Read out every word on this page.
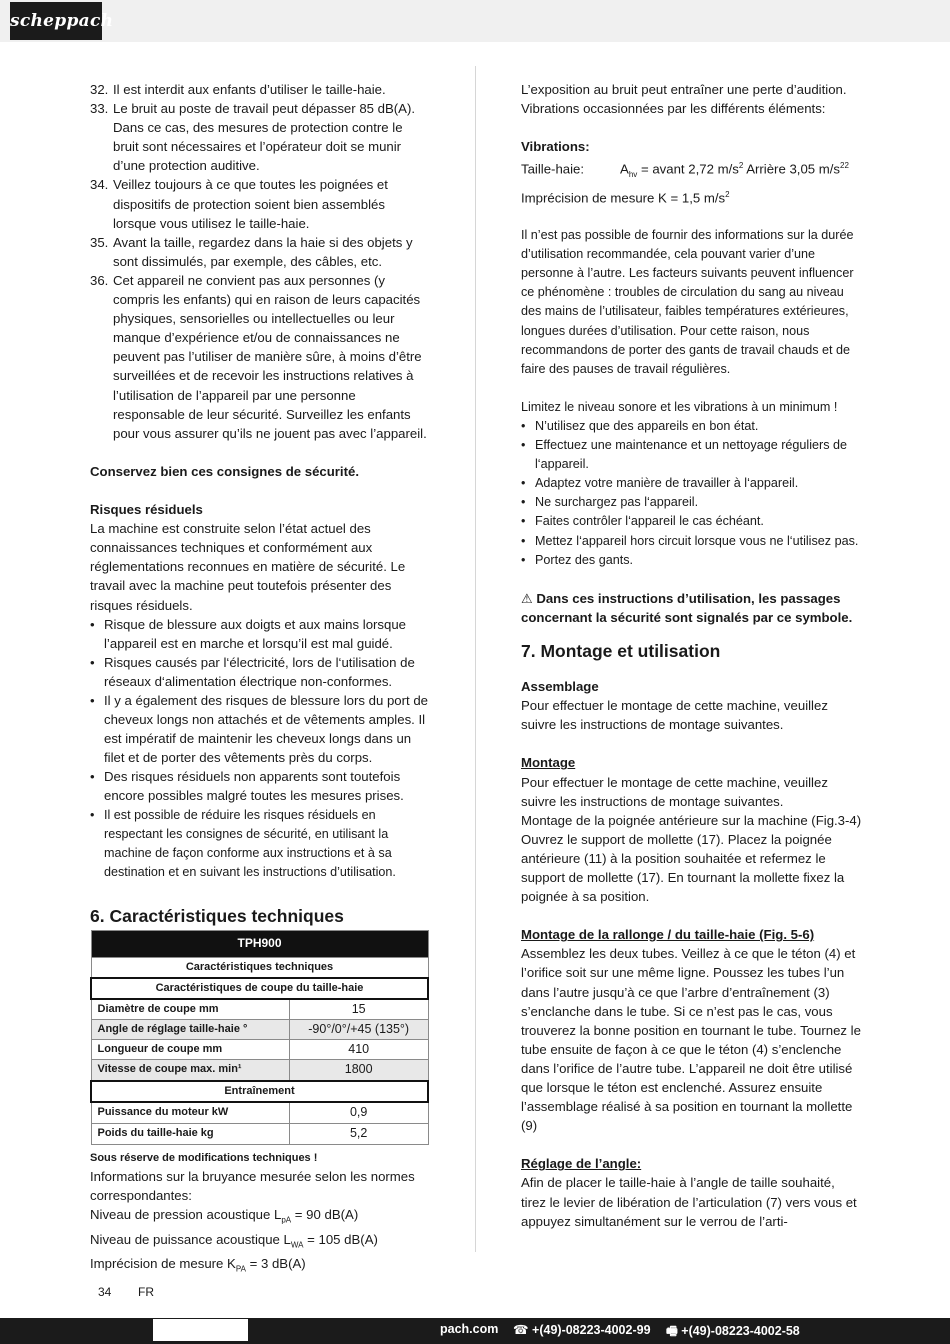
scheppach
32. Il est interdit aux enfants d’utiliser le taille-haie.
33. Le bruit au poste de travail peut dépasser 85 dB(A). Dans ce cas, des mesures de protection contre le bruit sont nécessaires et l’opérateur doit se munir d’une protection auditive.
34. Veillez toujours à ce que toutes les poignées et dispositifs de protection soient bien assemblés lorsque vous utilisez le taille-haie.
35. Avant la taille, regardez dans la haie si des objets y sont dissimulés, par exemple, des câbles, etc.
36. Cet appareil ne convient pas aux personnes (y compris les enfants) qui en raison de leurs capacités physiques, sensorielles ou intellectuelles ou leur manque d’expérience et/ou de connaissances ne peuvent pas l’utiliser de manière sûre, à moins d’être surveillées et de recevoir les instructions relatives à l’utilisation de l’appareil par une personne responsable de leur sécurité. Surveillez les enfants pour vous assurer qu’ils ne jouent pas avec l’appareil.

Conservez bien ces consignes de sécurité.

Risques résiduels

La machine est construite selon l’état actuel des connaissances techniques et conformément aux réglementations reconnues en matière de sécurité. Le travail avec la machine peut toutefois présenter des risques résiduels.

• Risque de blessure aux doigts et aux mains lorsque l’appareil est en marche et lorsqu’il est mal guidé.
• Risques causés par l‘électricité, lors de l‘utilisation de réseaux d‘alimentation électrique non-conformes.
• Il y a également des risques de blessure lors du port de cheveux longs non attachés et de vêtements amples. Il est impératif de maintenir les cheveux longs dans un filet et de porter des vêtements près du corps.
• Des risques résiduels non apparents sont toutefois encore possibles malgré toutes les mesures prises.
• Il est possible de réduire les risques résiduels en respectant les consignes de sécurité, en utilisant la machine de façon conforme aux instructions et à sa destination et en suivant les instructions d’utilisation.
6. Caractéristiques techniques
TPH900	
Caractéristiques techniques	
Caractéristiques de coupe du taille-haie	
Diamètre de coupe mm	15
Angle de réglage taille-haie °	-90°/0°/+45 (135°)
Longueur de coupe mm	410
Vitesse de coupe max. min¹	1800
Entraînement	
Puissance du moteur kW	0,9
Poids du taille-haie kg	5,2

Sous réserve de modifications techniques !

Informations sur la bruyance mesurée selon les normes correspondantes:

Niveau de pression acoustique $L_{pA} = 90$ dB(A)

Niveau de puissance acoustique $L_{WA} = 105$ dB(A)

Imprécision de mesure $K_{PA} = 3$ dB(A)

L’exposition au bruit peut entraîner une perte d’audition. Vibrations occasionnées par les différents éléments:

Vibrations:

Taille-haie:	$A_{hv}$ = avant 2,72 $m/s^2$ Arrière 3,05 $m/s^{22}$

Imprécision de mesure K = 1,5 $m/s^2$

Il n’est pas possible de fournir des informations sur la durée d’utilisation recommandée, cela pouvant varier d’une personne à l’autre. Les facteurs suivants peuvent influencer ce phénomène : troubles de circulation du sang au niveau des mains de l’utilisateur, faibles températures extérieures, longues durées d’utilisation. Pour cette raison, nous recommandons de porter des gants de travail chauds et de faire des pauses de travail régulières.

Limitez le niveau sonore et les vibrations à un minimum !

• N’utilisez que des appareils en bon état.
• Effectuez une maintenance et un nettoyage réguliers de l‘appareil.
• Adaptez votre manière de travailler à l‘appareil.
• Ne surchargez pas l‘appareil.
• Faites contrôler l‘appareil le cas échéant.
• Mettez l‘appareil hors circuit lorsque vous ne l‘utilisez pas.
• Portez des gants.

⚠ Dans ces instructions d’utilisation, les passages concernant la sécurité sont signalés par ce symbole.

7. Montage et utilisation

Assemblage

Pour effectuer le montage de cette machine, veuillez suivre les instructions de montage suivantes.

Montage

Pour effectuer le montage de cette machine, veuillez suivre les instructions de montage suivantes.

Montage de la poignée antérieure sur la machine (Fig.3-4)

Ouvrez le support de mollette (17). Placez la poignée antérieure (11) à la position souhaitée et refermez le support de mollette (17). En tournant la mollette fixez la poignée à sa position.

Montage de la rallonge / du taille-haie (Fig. 5-6)

Assemblez les deux tubes. Veillez à ce que le téton (4) et l’orifice soit sur une même ligne. Poussez les tubes l’un dans l’autre jusqu’à ce que l’arbre d’entraînement (3) s’enclanche dans le tube. Si ce n’est pas le cas, vous trouverez la bonne position en tournant le tube. Tournez le tube ensuite de façon à ce que le téton (4) s’enclenche dans l’orifice de l’autre tube. L’appareil ne doit être utilisé que lorsque le téton est enclenché. Assurez ensuite l’assemblage réalisé à sa position en tournant la mollette (9)

Réglage de l’angle:

Afin de placer le taille-haie à l’angle de taille souhaité, tirez le levier de libération de l’articulation (7) vers vous et appuyez simultanément sur le verrou de l’arti-

34 FR
pach.com ☎ +(49)-08223-4002-99 🖷 +(49)-08223-4002-58
